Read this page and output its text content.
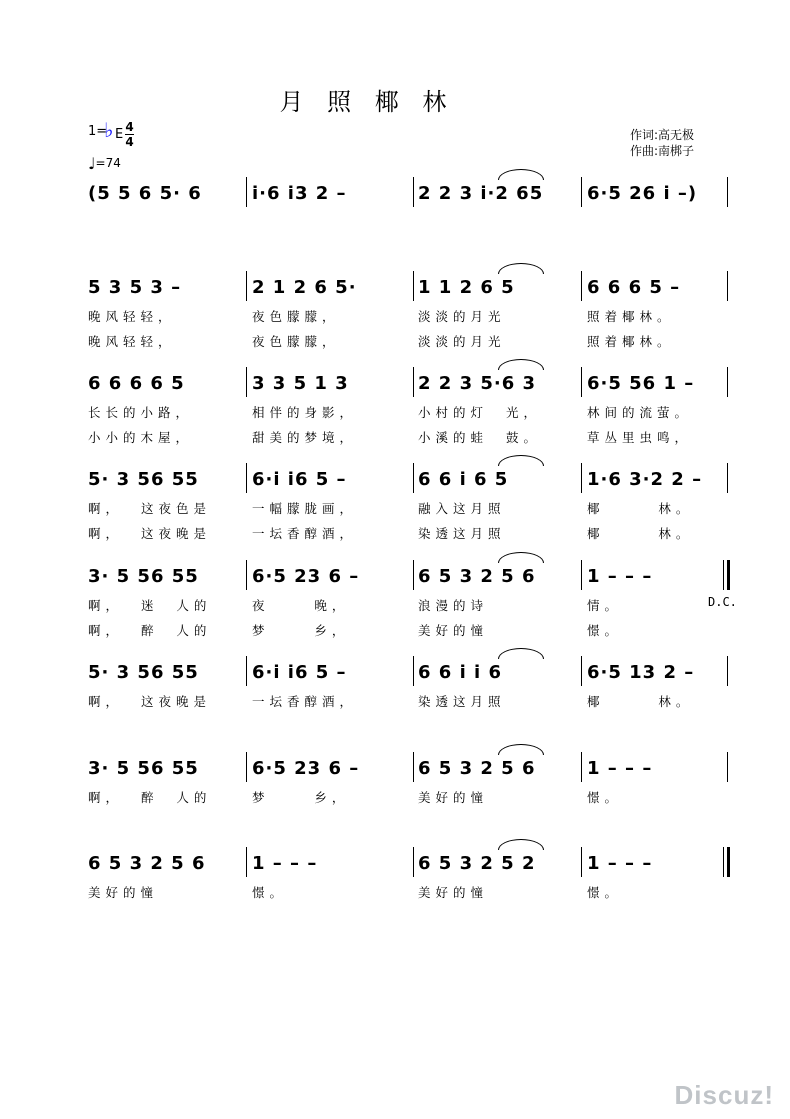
月 照 椰 林
1=
♭ E 4
4
♩=74
作词:高无极
作曲:南梆子
(5 5 6 5· 6	i·6 i3 2 –	2 2 3 i·2 65 6·5 26 i –)
5 3 5 3 –	2 1 2 6 5·	1 1 2 6 5	6 6 6 5 –
晚风轻轻，	夜色朦朦，	淡淡的月光	照着椰林。
晚风轻轻，	夜色朦朦，	淡淡的月光	照着椰林。
6 6 6 6 5	3 3 5 1 3	2 2 3 5·6 3	6·5 56 1 –
长长的小路，	相伴的身影，	小村的灯  光，	林间的流萤。
小小的木屋，	甜美的梦境，	小溪的蛙  鼓。	草丛里虫鸣，
5· 3 56 55	6·i i6 5 –	6 6 i 6 5	1·6 3·2 2 –
啊，  这夜色是	一幅朦胧画，	融入这月照	椰      林。
啊，  这夜晚是	一坛香醇酒，	染透这月照	椰      林。
3· 5 56 55	6·5 23 6 –	6 5 3 2 5 6	1 – – –
啊，  迷  人的	夜     晚，	浪漫的诗	情。
啊，  醉  人的	梦     乡，	美好的憧	憬。
5· 3 56 55	6·i i6 5 –	6 6 i i 6	6·5 13 2 –
啊，  这夜晚是	一坛香醇酒，	染透这月照	椰      林。
3· 5 56 55	6·5 23 6 –	6 5 3 2 5 6	1 – – –
啊，  醉  人的	梦     乡，	美好的憧	憬。
6 5 3 2 5 6	1 – – –	6 5 3 2 5 2	1 – – –
美好的憧	憬。	美好的憧	憬。
D.C.
Discuz!
